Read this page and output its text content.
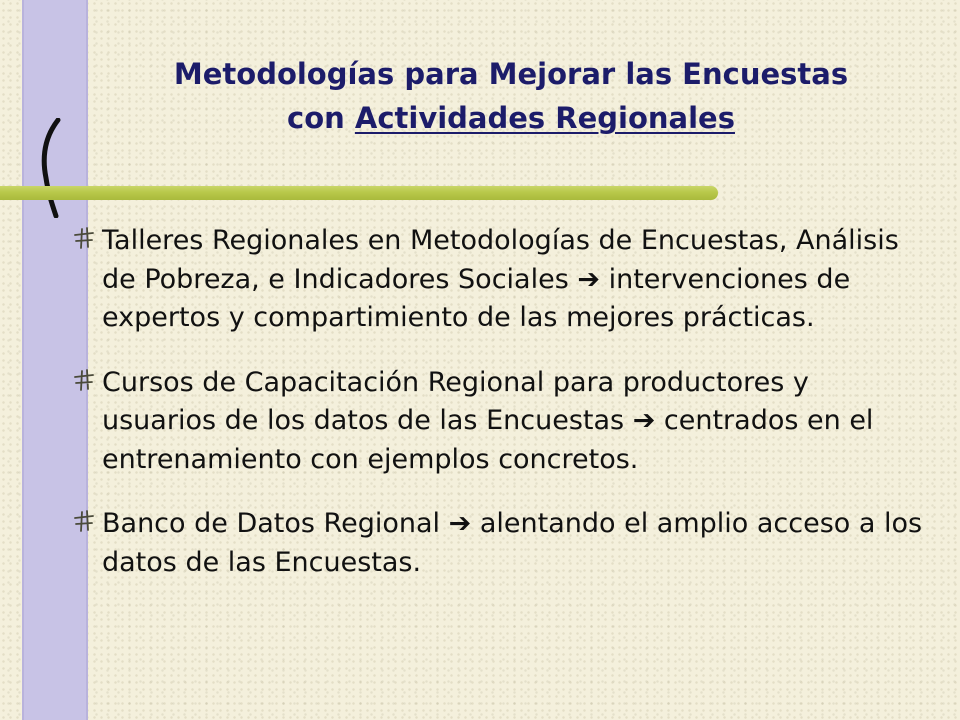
Metodologías para Mejorar las Encuestas
con Actividades Regionales
Talleres Regionales en Metodologías de Encuestas, Análisis de Pobreza, e Indicadores Sociales ➔ intervenciones de expertos y compartimiento de las mejores prácticas.
Cursos de Capacitación Regional para productores y usuarios de los datos de las Encuestas ➔ centrados en el entrenamiento con ejemplos concretos.
Banco de Datos Regional ➔ alentando el amplio acceso a los datos de las Encuestas.
